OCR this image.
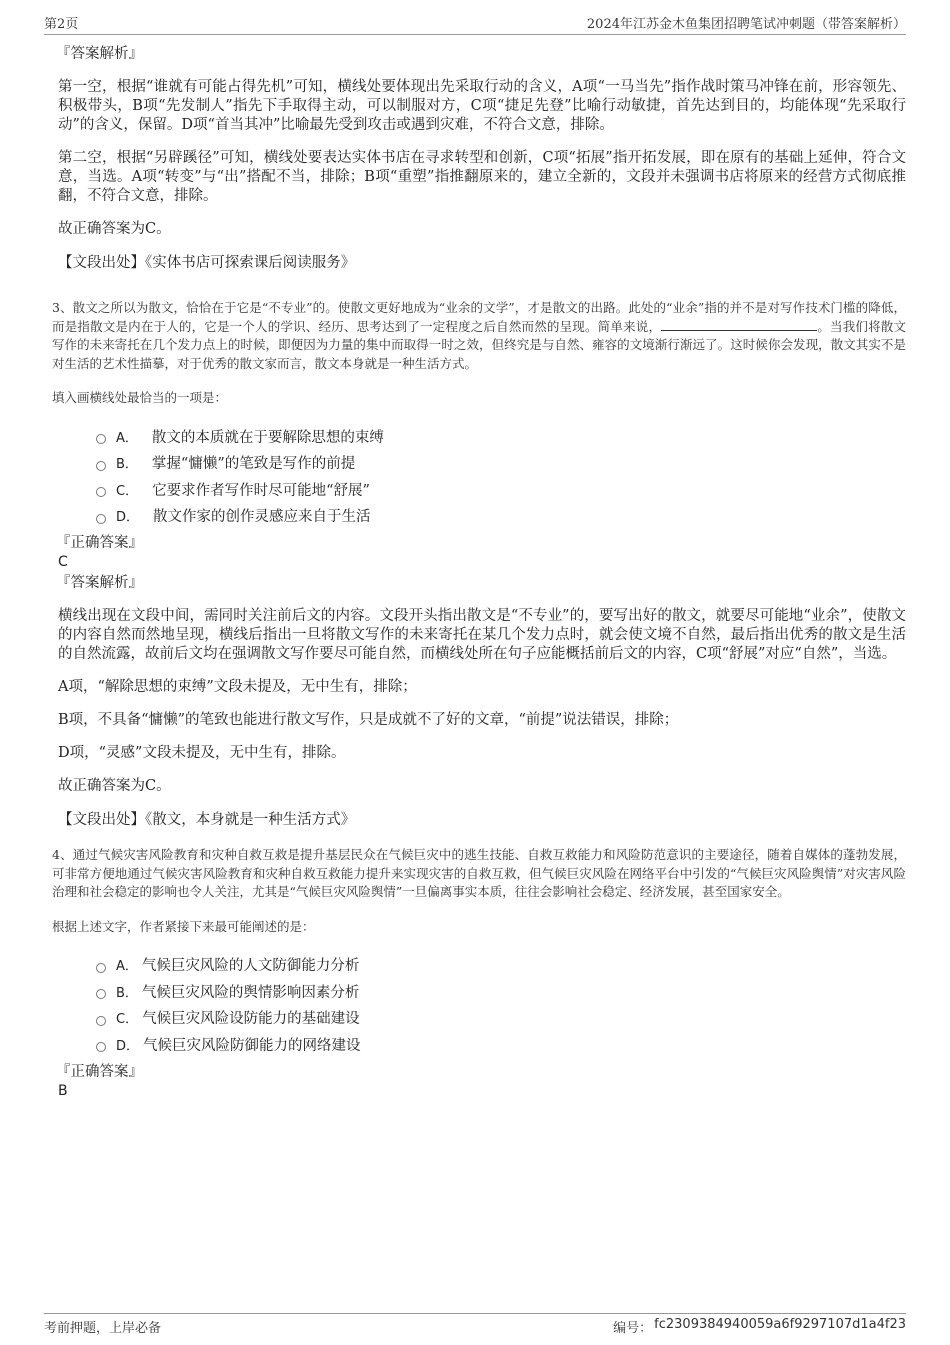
第2页	2024年江苏金木鱼集团招聘笔试冲刺题（带答案解析）

『答案解析』

第一空，根据“谁就有可能占得先机”可知，横线处要体现出先采取行动的含义，A项“一马当先”指作战时策马冲锋在前，形容领先、积极带头，B项“先发制人”指先下手取得主动，可以制服对方，C项“捷足先登”比喻行动敏捷，首先达到目的，均能体现“先采取行动”的含义，保留。D项“首当其冲”比喻最先受到攻击或遇到灾难，不符合文意，排除。

第二空，根据“另辟蹊径”可知，横线处要表达实体书店在寻求转型和创新，C项“拓展”指开拓发展，即在原有的基础上延伸，符合文意，当选。A项“转变”与“出”搭配不当，排除；B项“重塑”指推翻原来的，建立全新的，文段并未强调书店将原来的经营方式彻底推翻，不符合文意，排除。

故正确答案为C。

【文段出处】《实体书店可探索课后阅读服务》

3、散文之所以为散文，恰恰在于它是“不专业”的。使散文更好地成为“业余的文学”，才是散文的出路。此处的“业余”指的并不是对写作技术门槛的降低，而是指散文是内在于人的，它是一个人的学识、经历、思考达到了一定程度之后自然而然的呈现。简单来说，	。当我们将散文写作的未来寄托在几个发力点上的时候，即便因为力量的集中而取得一时之效，但终究是与自然、雍容的文境渐行渐远了。这时候你会发现，散文其实不是对生活的艺术性描摹，对于优秀的散文家而言，散文本身就是一种生活方式。

填入画横线处最恰当的一项是：

A． 散文的本质就在于要解除思想的束缚
B． 掌握“慵懒”的笔致是写作的前提
C． 它要求作者写作时尽可能地“舒展”
D． 散文作家的创作灵感应来自于生活

『正确答案』

C

『答案解析』

横线出现在文段中间，需同时关注前后文的内容。文段开头指出散文是“不专业”的，要写出好的散文，就要尽可能地“业余”，使散文的内容自然而然地呈现，横线后指出一旦将散文写作的未来寄托在某几个发力点时，就会使文境不自然，最后指出优秀的散文是生活的自然流露，故前后文均在强调散文写作要尽可能自然，而横线处所在句子应能概括前后文的内容，C项“舒展”对应“自然”，当选。

A项，“解除思想的束缚”文段未提及，无中生有，排除；

B项，不具备“慵懒”的笔致也能进行散文写作，只是成就不了好的文章，“前提”说法错误，排除；

D项，“灵感”文段未提及，无中生有，排除。

故正确答案为C。

【文段出处】《散文，本身就是一种生活方式》

4、通过气候灾害风险教育和灾种自救互救是提升基层民众在气候巨灾中的逃生技能、自救互救能力和风险防范意识的主要途径，随着自媒体的蓬勃发展，可非常方便地通过气候灾害风险教育和灾种自救互救能力提升来实现灾害的自救互救，但气候巨灾风险在网络平台中引发的“气候巨灾风险舆情”对灾害风险治理和社会稳定的影响也令人关注，尤其是“气候巨灾风险舆情”一旦偏离事实本质，往往会影响社会稳定、经济发展，甚至国家安全。

根据上述文字，作者紧接下来最可能阐述的是：

A． 气候巨灾风险的人文防御能力分析
B． 气候巨灾风险的舆情影响因素分析
C． 气候巨灾风险设防能力的基础建设
D． 气候巨灾风险防御能力的网络建设

『正确答案』

B

考前押题，上岸必备	编号： fc2309384940059a6f9297107d1a4f23
